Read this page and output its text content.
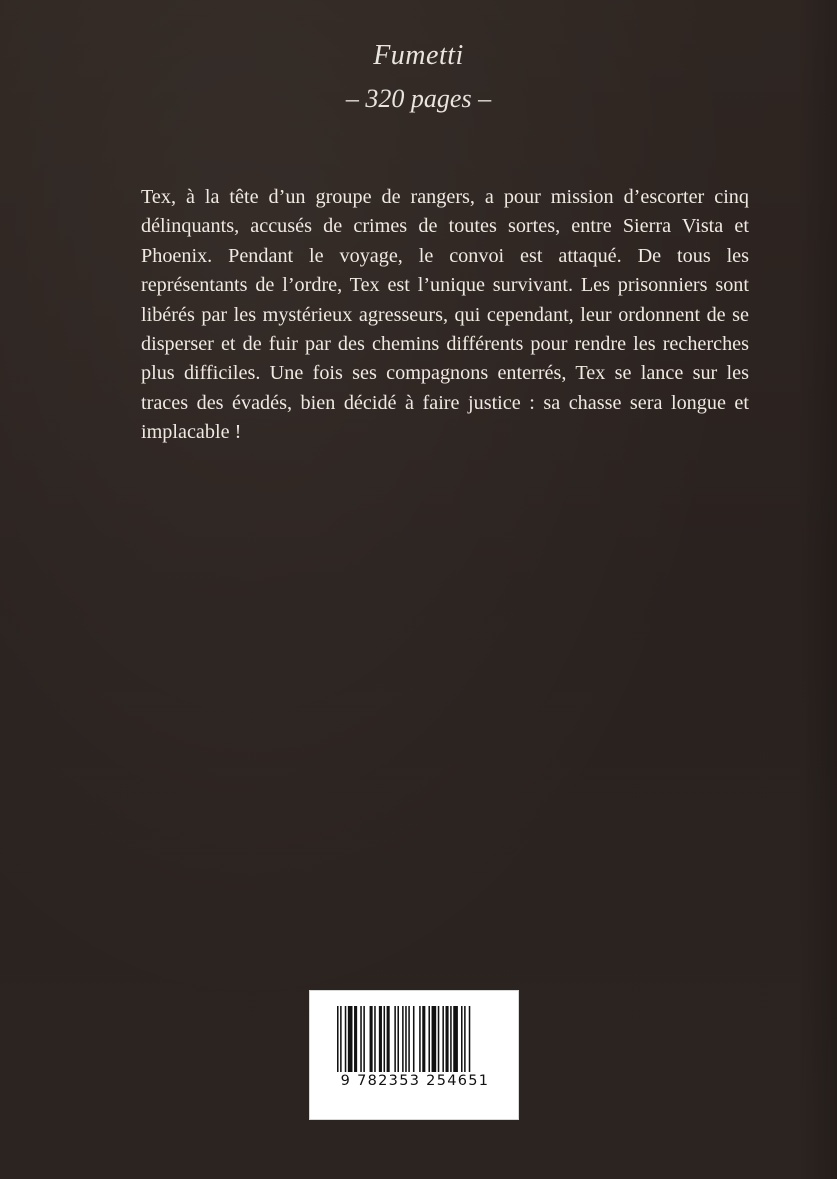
Fumetti
– 320 pages –

Tex, à la tête d’un groupe de rangers, a pour mission d’escorter cinq délinquants, accusés de crimes de toutes sortes, entre Sierra Vista et Phoenix. Pendant le voyage, le convoi est attaqué. De tous les représentants de l’ordre, Tex est l’unique survivant. Les prisonniers sont libérés par les mystérieux agresseurs, qui cependant, leur ordonnent de se disperser et de fuir par des chemins différents pour rendre les recherches plus difficiles. Une fois ses compagnons enterrés, Tex se lance sur les traces des évadés, bien décidé à faire justice : sa chasse sera longue et implacable !

9 782353 254651
